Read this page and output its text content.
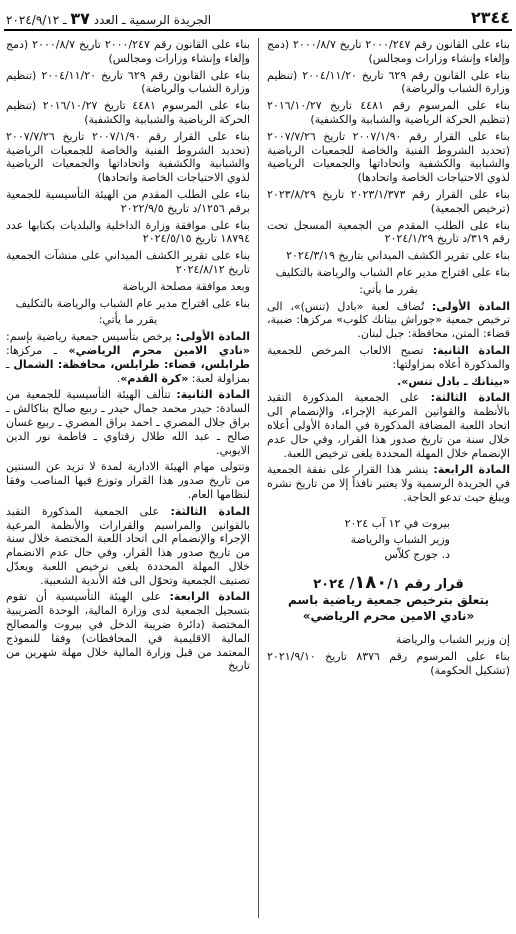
٢٣٤٤
الجريدة الرسمية ـ العدد ٣٧ ـ ٢٠٢٤/٩/١٢

بناء على القانون رقم ٢٠٠٠/٢٤٧ تاريخ ٢٠٠٠/٨/٧ (دمج وإلغاء وإنشاء وزارات ومجالس)

بناء على القانون رقم ٦٢٩ تاريخ ٢٠٠٤/١١/٢٠ (تنظيم وزارة الشباب والرياضة)

بناء على المرسوم رقم ٤٤٨١ تاريخ ٢٠١٦/١٠/٢٧ (تنظيم الحركة الرياضية والشبابية والكشفية)

بناء على القرار رقم ٢٠٠٧/١/٩٠ تاريخ ٢٠٠٧/٧/٢٦ (تحديد الشروط الفنية والخاصة للجمعيات الرياضية والشبابية والكشفية واتحاداتها والجمعيات الرياضية لذوي الاحتياجات الخاصة واتحادها)

بناء على القرار رقم ٢٠٢٣/١/٣٧٣ تاريخ ٢٠٢٣/٨/٢٩ (ترخيص الجمعية)

بناء على الطلب المقدم من الجمعية المسجل تحت رقم ٣١٩/د تاريخ ٢٠٢٤/١/٢٩

بناء على تقرير الكشف الميداني بتاريخ ٢٠٢٤/٣/١٩

بناء على اقتراح مدير عام الشباب والرياضة بالتكليف

يقرر ما يأتي:

المادة الأولى: تُضاف لعبة «بادل (تنس)»، الى ترخيص جمعية «جوراش بيتانك كلوب» مركزها: ضبية، قضاء: المتن، محافظة: جبل لبنان.

المادة الثانية: تصبح الالعاب المرخص للجمعية والمذكورة أعلاه بمزاولتها:

«بيتانك ـ بادل تنس».

المادة الثالثة: على الجمعية المذكورة التقيد بالأنظمة والقوانين المرعية الإجراء، والإنضمام الى اتحاد اللعبة المضافة المذكورة في المادة الأولى أعلاه خلال سنة من تاريخ صدور هذا القرار، وفي حال عدم الإنضمام خلال المهلة المحددة يلغى ترخيص اللعبة.

المادة الرابعة: ينشر هذا القرار على نفقة الجمعية في الجريدة الرسمية ولا يعتبر نافذاً إلا من تاريخ نشره ويبلغ حيث تدعو الحاجة.

بيروت في ١٢ آب ٢٠٢٤
وزير الشباب والرياضة
د. جورج كلاّس
قرار رقم ١٨٠/١/ ٢٠٢٤
يتعلق بترخيص جمعية رياضية باسم
«نادي الامين محرم الرياضي»

إن وزير الشباب والرياضة

بناء على المرسوم رقم ٨٣٧٦ تاريخ ٢٠٢١/٩/١٠ (تشكيل الحكومة)

بناء على القانون رقم ٢٠٠٠/٢٤٧ تاريخ ٢٠٠٠/٨/٧ (دمج وإلغاء وإنشاء وزارات ومجالس)

بناء على القانون رقم ٦٢٩ تاريخ ٢٠٠٤/١١/٢٠ (تنظيم وزارة الشباب والرياضة)

بناء على المرسوم ٤٤٨١ تاريخ ٢٠١٦/١٠/٢٧ (تنظيم الحركة الرياضية والشبابية والكشفية)

بناء على القرار رقم ٢٠٠٧/١/٩٠ تاريخ ٢٠٠٧/٧/٢٦ (تحديد الشروط الفنية والخاصة للجمعيات الرياضية والشبابية والكشفية واتحاداتها والجمعيات الرياضية لذوي الاحتياجات الخاصة واتحادها)

بناء على الطلب المقدم من الهيئة التأسيسية للجمعية برقم ١٢٥٦/د تاريخ ٢٠٢٢/٩/٥

بناء على موافقة وزارة الداخلية والبلديات بكتابها عدد ١٨٧٩٤ تاريخ ٢٠٢٤/٥/١٥

بناء على تقرير الكشف الميداني على منشآت الجمعية تاريخ ٢٠٢٤/٨/١٢

وبعد موافقة مصلحة الرياضة

بناء على اقتراح مدير عام الشباب والرياضة بالتكليف

يقرر ما يأتي:

المادة الأولى: يرخص بتأسيس جمعية رياضية بإسم: «نادي الامين محرم الرياضي» ـ مركزها: طرابلس، قضاء: طرابلس، محافظة: الشمال ـ بمزاولة لعبة: «كرة القدم».

المادة الثانية: تتألف الهيئة التأسيسية للجمعية من السادة: حيدر محمد جمال حيدر ـ ربيع صالح بناكالش ـ براق جلال المصري ـ احمد براق المصري ـ ربيع غسان صالح ـ عبد الله طلال زقتاوي ـ فاطمة نور الدين الايوبي.

وتتولى مهام الهيئة الادارية لمدة لا تزيد عن السنتين من تاريخ صدور هذا القرار وتوزع فيها المناصب وفقا لنظامها العام.

المادة الثالثة: على الجمعية المذكورة التقيد بالقوانين والمراسيم والقرارات والأنظمة المرعية الإجراء والإنضمام الى اتحاد اللعبة المختصة خلال سنة من تاريخ صدور هذا القرار، وفي حال عدم الانضمام خلال المهلة المحددة يلغى ترخيص اللعبة ويعدّل تصنيف الجمعية وتحوّل الى فئة الأندية الشعبية.

المادة الرابعة: على الهيئة التأسيسية أن تقوم بتسجيل الجمعية لدى وزارة المالية، الوحدة الضريبية المختصة (دائرة ضريبة الدخل في بيروت والمصالح المالية الاقليمية في المحافظات) وفقا للنموذج المعتمد من قبل وزارة المالية خلال مهلة شهرين من تاريخ
